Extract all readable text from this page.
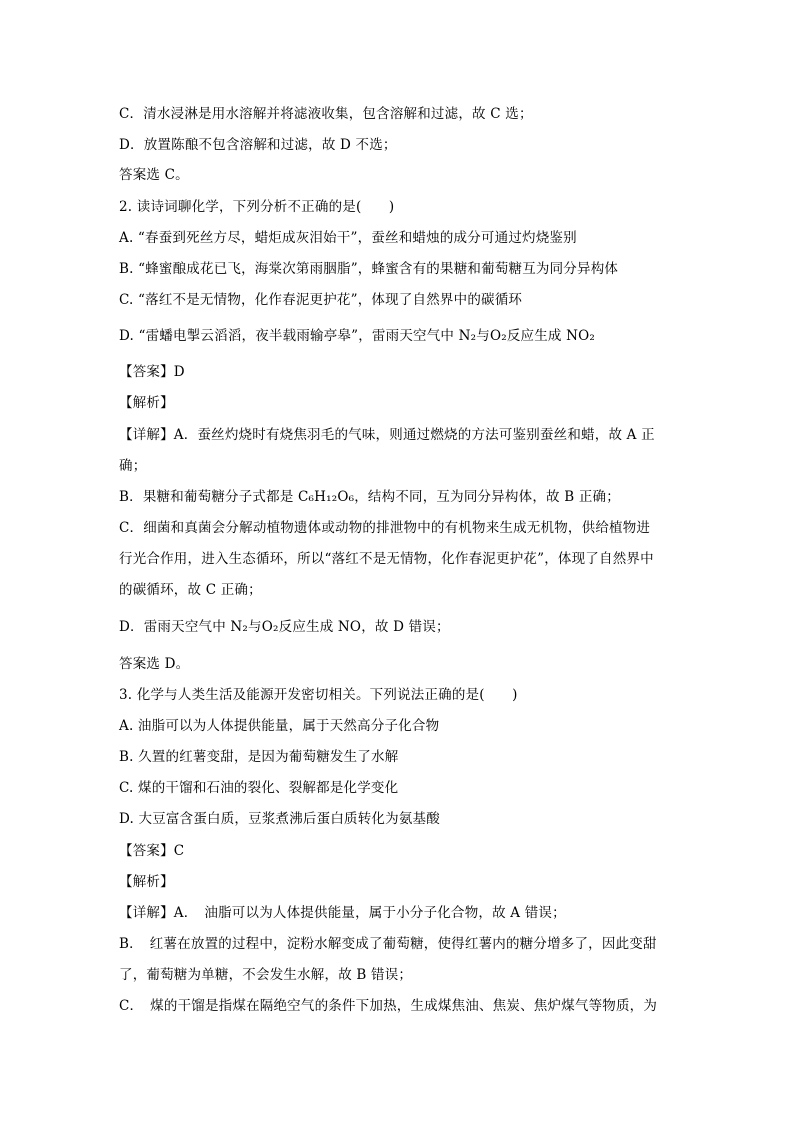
C．清水浸淋是用水溶解并将滤液收集，包含溶解和过滤，故 C 选；
D．放置陈酿不包含溶解和过滤，故 D 不选；
答案选 C。
2. 读诗词聊化学，下列分析不正确的是(　　)
A. “春蚕到死丝方尽，蜡炬成灰泪始干”，蚕丝和蜡烛的成分可通过灼烧鉴别
B. “蜂蜜酿成花已飞，海棠次第雨胭脂”，蜂蜜含有的果糖和葡萄糖互为同分异构体
C. “落红不是无情物，化作春泥更护花”，体现了自然界中的碳循环
D. “雷蟠电掣云滔滔，夜半载雨输亭皋”，雷雨天空气中 N₂与O₂反应生成 NO₂
【答案】D
【解析】
【详解】A．蚕丝灼烧时有烧焦羽毛的气味，则通过燃烧的方法可鉴别蚕丝和蜡，故 A 正
确；
B．果糖和葡萄糖分子式都是 C₆H₁₂O₆，结构不同，互为同分异构体，故 B 正确；
C．细菌和真菌会分解动植物遗体或动物的排泄物中的有机物来生成无机物，供给植物进
行光合作用，进入生态循环，所以“落红不是无情物，化作春泥更护花”，体现了自然界中
的碳循环，故 C 正确；
D．雷雨天空气中 N₂与O₂反应生成 NO，故 D 错误；
答案选 D。
3. 化学与人类生活及能源开发密切相关。下列说法正确的是(　　)
A. 油脂可以为人体提供能量，属于天然高分子化合物
B. 久置的红薯变甜，是因为葡萄糖发生了水解
C. 煤的干馏和石油的裂化、裂解都是化学变化
D. 大豆富含蛋白质，豆浆煮沸后蛋白质转化为氨基酸
【答案】C
【解析】
【详解】A．　油脂可以为人体提供能量，属于小分子化合物，故 A 错误；
B．　红薯在放置的过程中，淀粉水解变成了葡萄糖，使得红薯内的糖分增多了，因此变甜
了，葡萄糖为单糖，不会发生水解，故 B 错误；
C．　煤的干馏是指煤在隔绝空气的条件下加热，生成煤焦油、焦炭、焦炉煤气等物质，为
